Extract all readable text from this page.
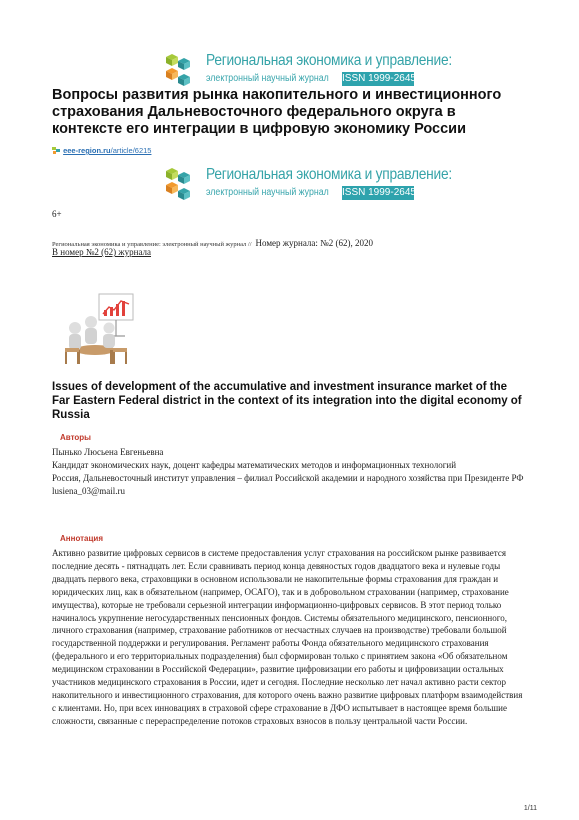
Региональная экономика и управление:
электронный научный журнал ISSN 1999-2645
Вопросы развития рынка накопительного и инвестиционного страхования Дальневосточного федерального округа в контексте его интеграции в цифровую экономику России
eee-region.ru/article/6215
Региональная экономика и управление:
электронный научный журнал ISSN 1999-2645
6+
Региональная экономика и управление: электронный научный журнал // Номер журнала: №2 (62), 2020
В номер №2 (62) журнала
Issues of development of the accumulative and investment insurance market of the Far Eastern Federal district in the context of its integration into the digital economy of Russia
Авторы

Пынько Люсьена Евгеньевна

Кандидат экономических наук, доцент кафедры математических методов и информационных технологий

Россия, Дальневосточный институт управления – филиал Российской академии и народного хозяйства при Президенте РФ

lusiena_03@mail.ru

Аннотация

Активно развитие цифровых сервисов в системе предоставления услуг страхования на российском рынке развивается последние десять - пятнадцать лет. Если сравнивать период конца девяностых годов двадцатого века и нулевые годы двадцать первого века, страховщики в основном использовали не накопительные формы страхования для граждан и юридических лиц, как в обязательном (например, ОСАГО), так и в добровольном страховании (например, страхование имущества), которые не требовали серьезной интеграции информационно-цифровых сервисов. В этот период только начиналось укрупнение негосударственных пенсионных фондов. Системы обязательного медицинского, пенсионного, личного страхования (например, страхование работников от несчастных случаев на производстве) требовали большой государственной поддержки и регулирования. Регламент работы Фонда обязательного медицинского страхования (федерального и его территориальных подразделения) был сформирован только с принятием закона «Об обязательном медицинском страховании в Российской Федерации», развитие цифровизации его работы и цифровизации остальных участников медицинского страхования в России, идет и сегодня. Последние несколько лет начал активно расти сектор накопительного и инвестиционного страхования, для которого очень важно развитие цифровых платформ взаимодействия с клиентами. Но, при всех инновациях в страховой сфере страхование в ДФО испытывает в настоящее время большие сложности, связанные с перераспределение потоков страховых взносов в пользу центральной части России.

1/11
